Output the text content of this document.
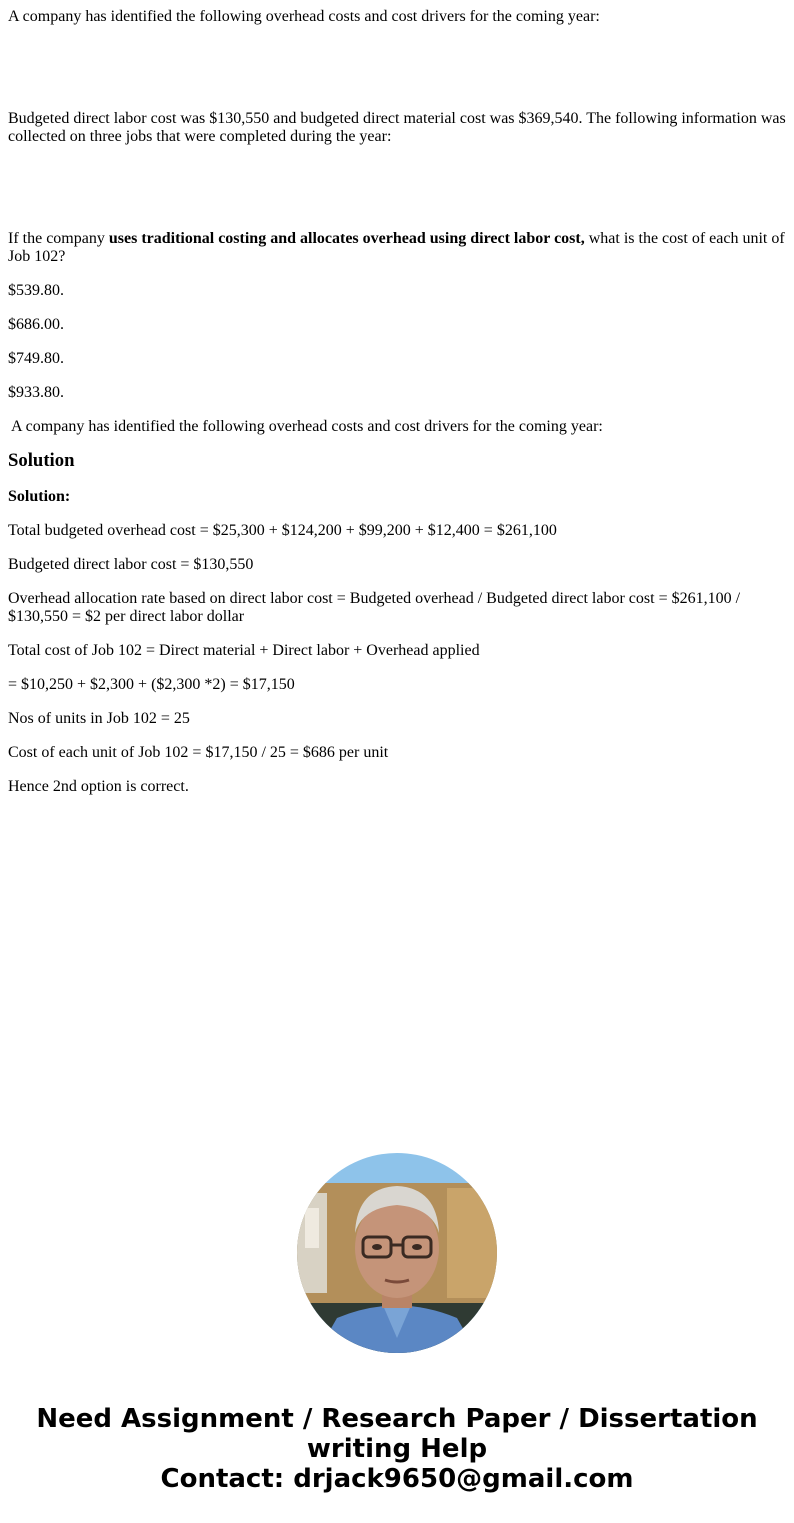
A company has identified the following overhead costs and cost drivers for the coming year:

Budgeted direct labor cost was $130,550 and budgeted direct material cost was $369,540. The following information was collected on three jobs that were completed during the year:

If the company uses traditional costing and allocates overhead using direct labor cost, what is the cost of each unit of Job 102?

$539.80.

$686.00.

$749.80.

$933.80.

A company has identified the following overhead costs and cost drivers for the coming year:

Solution

Solution:

Total budgeted overhead cost = $25,300 + $124,200 + $99,200 + $12,400 = $261,100

Budgeted direct labor cost = $130,550

Overhead allocation rate based on direct labor cost = Budgeted overhead / Budgeted direct labor cost = $261,100 / $130,550 = $2 per direct labor dollar

Total cost of Job 102 = Direct material + Direct labor + Overhead applied

= $10,250 + $2,300 + ($2,300 *2) = $17,150

Nos of units in Job 102 = 25

Cost of each unit of Job 102 = $17,150 / 25 = $686 per unit

Hence 2nd option is correct.

Need Assignment / Research Paper / Dissertation
writing Help
Contact: drjack9650@gmail.com
